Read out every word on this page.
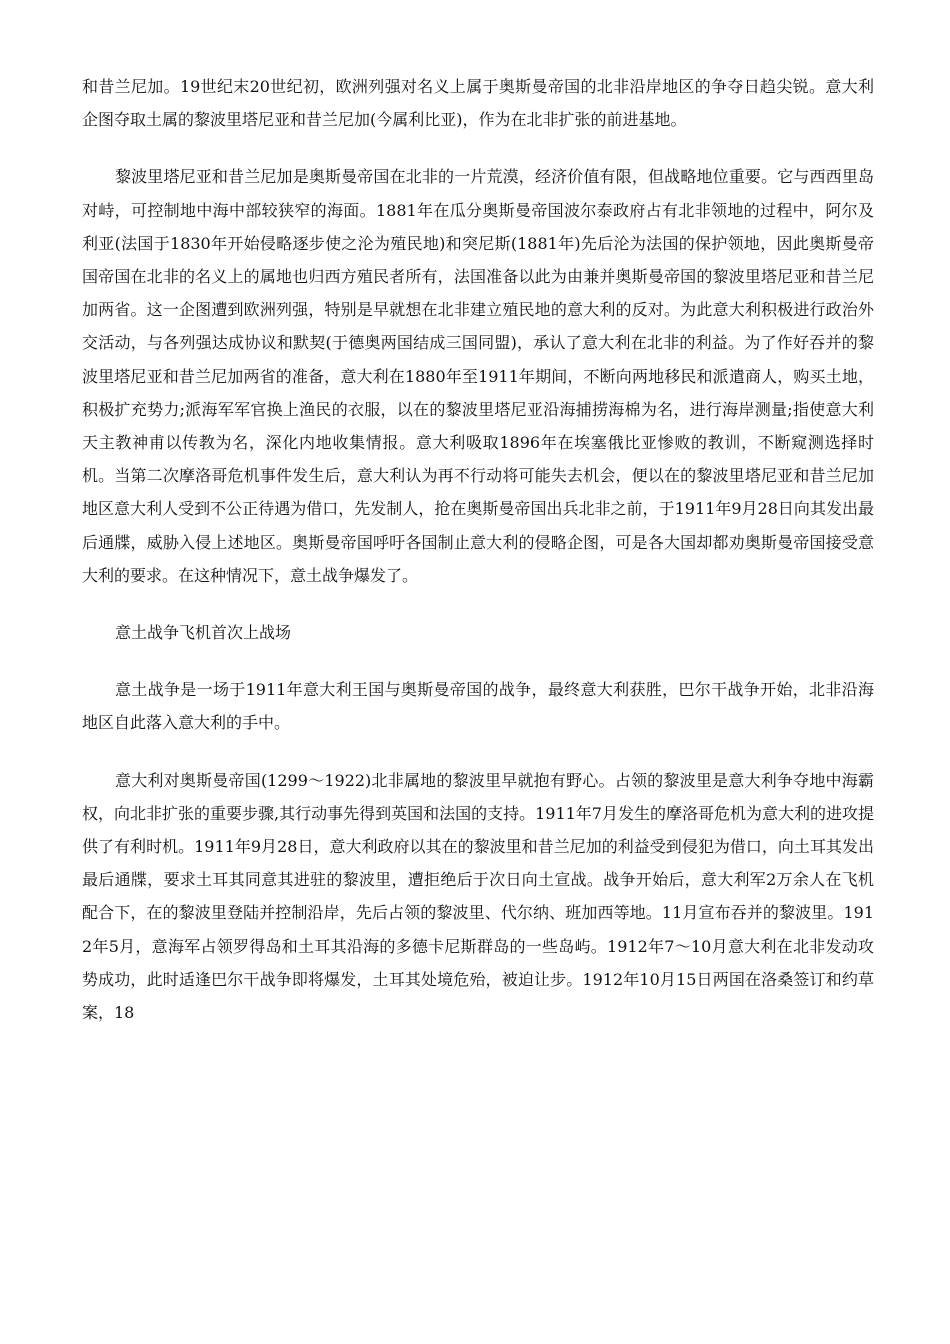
和昔兰尼加。19世纪末20世纪初，欧洲列强对名义上属于奥斯曼帝国的北非沿岸地区的争夺日趋尖锐。意大利企图夺取土属的黎波里塔尼亚和昔兰尼加(今属利比亚)，作为在北非扩张的前进基地。

黎波里塔尼亚和昔兰尼加是奥斯曼帝国在北非的一片荒漠，经济价值有限，但战略地位重要。它与西西里岛对峙，可控制地中海中部较狭窄的海面。1881年在瓜分奥斯曼帝国波尔泰政府占有北非领地的过程中，阿尔及利亚(法国于1830年开始侵略逐步使之沦为殖民地)和突尼斯(1881年)先后沦为法国的保护领地，因此奥斯曼帝国帝国在北非的名义上的属地也归西方殖民者所有，法国准备以此为由兼并奥斯曼帝国的黎波里塔尼亚和昔兰尼加两省。这一企图遭到欧洲列强，特别是早就想在北非建立殖民地的意大利的反对。为此意大利积极进行政治外交活动，与各列强达成协议和默契(于德奥两国结成三国同盟)，承认了意大利在北非的利益。为了作好吞并的黎波里塔尼亚和昔兰尼加两省的准备，意大利在1880年至1911年期间，不断向两地移民和派遣商人，购买土地，积极扩充势力;派海军军官换上渔民的衣服，以在的黎波里塔尼亚沿海捕捞海棉为名，进行海岸测量;指使意大利天主教神甫以传教为名，深化内地收集情报。意大利吸取1896年在埃塞俄比亚惨败的教训，不断窥测选择时机。当第二次摩洛哥危机事件发生后，意大利认为再不行动将可能失去机会，便以在的黎波里塔尼亚和昔兰尼加地区意大利人受到不公正待遇为借口，先发制人，抢在奥斯曼帝国出兵北非之前，于1911年9月28日向其发出最后通牒，威胁入侵上述地区。奥斯曼帝国呼吁各国制止意大利的侵略企图，可是各大国却都劝奥斯曼帝国接受意大利的要求。在这种情况下，意土战争爆发了。

意土战争飞机首次上战场

意土战争是一场于1911年意大利王国与奥斯曼帝国的战争，最终意大利获胜，巴尔干战争开始，北非沿海地区自此落入意大利的手中。

意大利对奥斯曼帝国(1299～1922)北非属地的黎波里早就抱有野心。占领的黎波里是意大利争夺地中海霸权，向北非扩张的重要步骤,其行动事先得到英国和法国的支持。1911年7月发生的摩洛哥危机为意大利的进攻提供了有利时机。1911年9月28日，意大利政府以其在的黎波里和昔兰尼加的利益受到侵犯为借口，向土耳其发出最后通牒，要求土耳其同意其进驻的黎波里，遭拒绝后于次日向土宣战。战争开始后，意大利军2万余人在飞机配合下，在的黎波里登陆并控制沿岸，先后占领的黎波里、代尔纳、班加西等地。11月宣布吞并的黎波里。1912年5月，意海军占领罗得岛和土耳其沿海的多德卡尼斯群岛的一些岛屿。1912年7～10月意大利在北非发动攻势成功，此时适逢巴尔干战争即将爆发，土耳其处境危殆，被迫让步。1912年10月15日两国在洛桑签订和约草案，18
